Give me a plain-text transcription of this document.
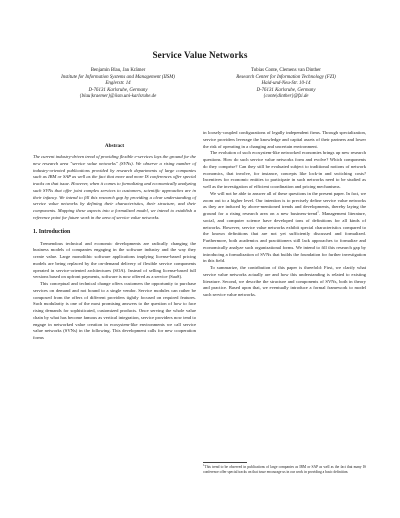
Service Value Networks
Benjamin Blau, Jan Krämer
Institute for Information Systems and Management (IISM)
Englerstr. 14
D-76131 Karlsruhe, Germany
{blau|kraemer}@iism.uni-karlsruhe.de
Tobias Conte, Clemens van Dinther
Research Center for Information Technology (FZI)
Haid-und-Neu-Str. 10-14
D-76131 Karlsruhe, Germany
{conte|dinther}@fzi.de
Abstract

The current industry-driven trend of providing flexible e-services lays the ground for the new research area "service value networks" (SVNs). We observe a rising number of industry-oriented publications provided by research departments of large companies such as IBM or SAP as well as the fact that more and more IS conferences offer special tracks on that issue. However, when it comes to formalizing and economically analyzing such SVNs that offer joint complex services to customers, scientific approaches are in their infancy. We intend to fill this research gap by providing a clear understanding of service value networks by defining their characteristics, their structure, and their components. Mapping these aspects into a formalized model, we intend to establish a reference point for future work in the area of service value networks.

1. Introduction

Tremendous technical and economic developments are radically changing the business models of companies engaging in the software industry and the way they create value. Large monolithic software applications implying license-based pricing models are being replaced by the on-demand delivery of flexible service components operated in service-oriented architectures (SOA). Instead of selling license-based full versions based on upfront payments, software is now offered as a service (SaaS).

This conceptual and technical change offers customers the opportunity to purchase services on demand and not bound to a single vendor. Service modules can rather be composed from the offers of different providers tightly focused on required features. Such modularity is one of the most promising answers to the question of how to face rising demands for sophisticated, customized products. Once serving the whole value chain by what has become famous as vertical integration, service providers now tend to engage in networked value creation in ecosystem-like environments we call service value networks (SVNs) in the following. This development calls for new cooperation forms

in loosely-coupled configurations of legally independent firms. Through specialization, service providers leverage the knowledge and capital assets of their partners and lower the risk of operating in a changing and uncertain environment.

The evolution of such ecosystem-like networked economies brings up new research questions. How do such service value networks form and evolve? Which components do they comprise? Can they still be evaluated subject to traditional notions of network economics, that involve, for instance, concepts like lock-in and switching costs? Incentives for economic entities to participate in such networks need to be studied as well as the investigation of efficient coordination and pricing mechanisms.

We will not be able to answer all of these questions in the present paper. In fact, we zoom out to a higher level. Our intention is to precisely define service value networks as they are induced by above-mentioned trends and developments, thereby laying the ground for a rising research area on a new business-trend$^1$. Management literature, social, and computer science have developed tons of definitions for all kinds of networks. However, service value networks exhibit special characteristics compared to the known definitions that are not yet sufficiently discussed and formalized. Furthermore, both academics and practitioners still lack approaches to formalize and economically analyze such organizational forms. We intend to fill this research gap by introducing a formalization of SVNs that builds the foundation for further investigation in this field.

To summarize, the contribution of this paper is threefold: First, we clarify what service value networks actually are and how this understanding is related to existing literature. Second, we describe the structure and components of SVNs, both in theory and practice. Based upon that, we eventually introduce a formal framework to model such service value networks.

$^1$This trend to be observed in publications of large companies as IBM or SAP as well as the fact that many IS conference offer special tracks on that issue encourage us in our work in providing a basic definition.
